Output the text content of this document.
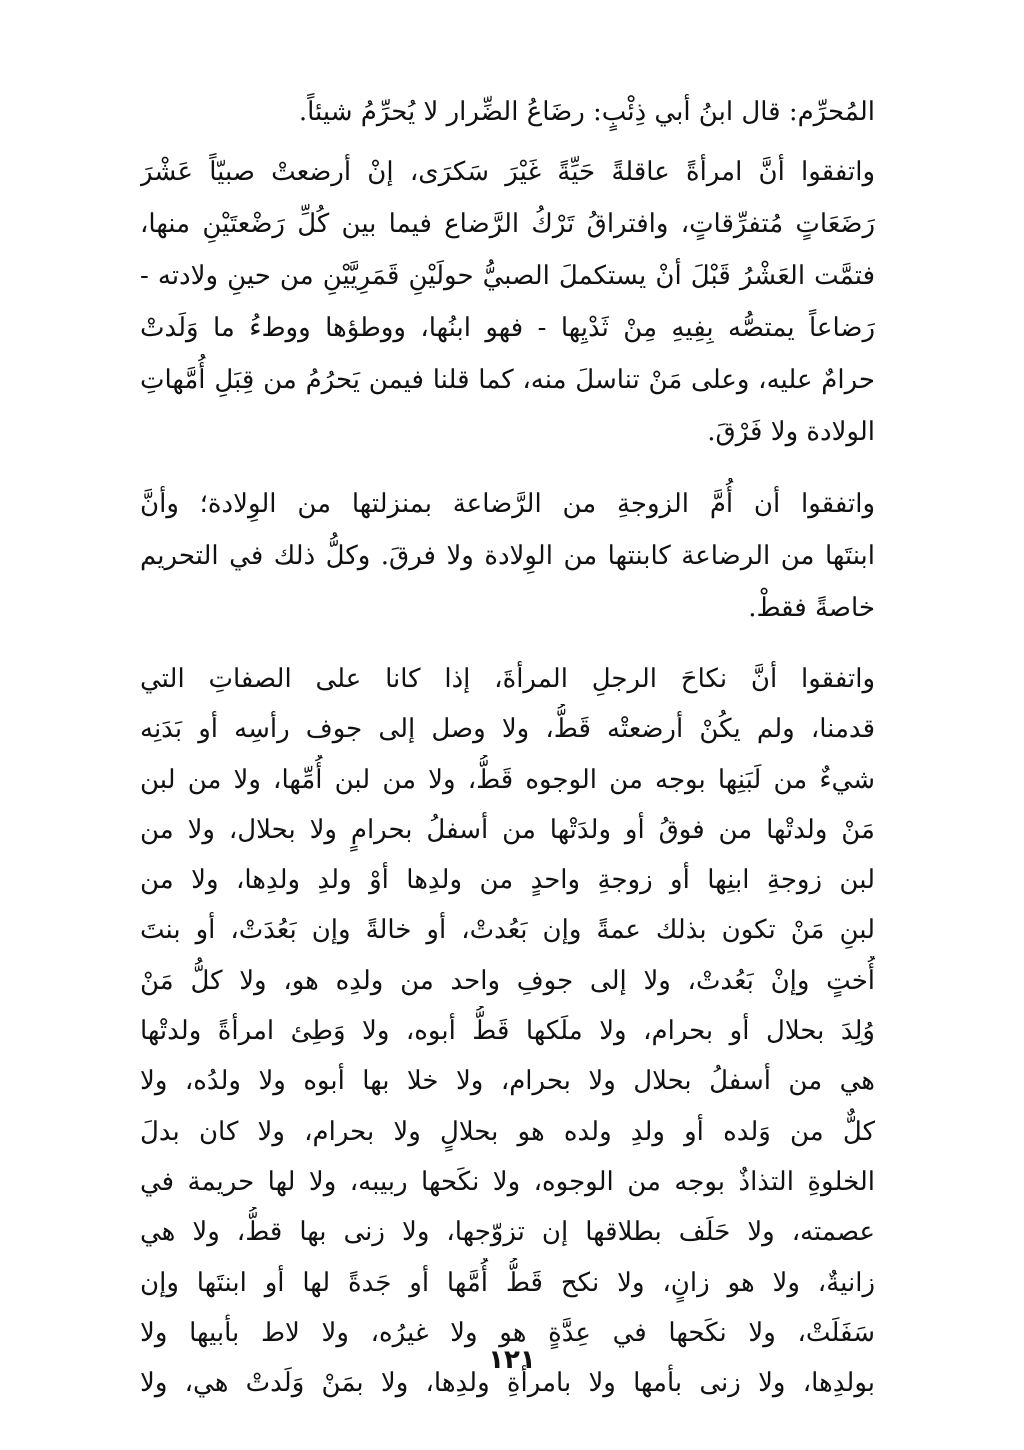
المُحرِّم: قال ابنُ أبي ذِئْبٍ: رضَاعُ الضِّرار لا يُحرِّمُ شيئاً.
واتفقوا أنَّ امرأةً عاقلةً حَيِّةً غَيْرَ سَكرَى، إنْ أرضعتْ صبيّاً عَشْرَ
رَضَعَاتٍ مُتفرِّقاتٍ، وافتراقُ تَرْكُ الرَّضاع فيما بين كُلِّ رَضْعتَيْنِ منها،
فتمَّت العَشْرُ قَبْلَ أنْ يستكملَ الصبيُّ حولَيْنِ قَمَرِيَّيْنِ من حينِ ولادته -
رَضاعاً يمتصُّه بِفِيهِ مِنْ ثَدْيِها - فهو ابنُها، ووطؤها ووطءُ ما وَلَدتْ
حرامٌ عليه، وعلى مَنْ تناسلَ منه، كما قلنا فيمن يَحرُمُ من قِبَلِ أُمَّهاتِ
الولادة ولا فَرْقَ.
واتفقوا أن أُمَّ الزوجةِ من الرَّضاعة بمنزلتها من الوِلادة؛ وأنَّ
ابنتَها من الرضاعة كابنتها من الوِلادة ولا فرقَ. وكلُّ ذلك في التحريم
خاصةً فقطْ.
واتفقوا أنَّ نكاحَ الرجلِ المرأةَ، إذا كانا على الصفاتِ التي
قدمنا، ولم يكُنْ أرضعتْه قَطُّ، ولا وصل إلى جوف رأسِه أو بَدَنِه
شيءٌ من لَبَنِها بوجه من الوجوه قَطُّ، ولا من لبن أُمِّها، ولا من لبن
مَنْ ولدتْها من فوقُ أو ولدَتْها من أسفلُ بحرامٍ ولا بحلال، ولا من
لبن زوجةِ ابنِها أو زوجةِ واحدٍ من ولدِها أوْ ولدِ ولدِها، ولا من
لبنِ مَنْ تكون بذلك عمةً وإن بَعُدتْ، أو خالةً وإن بَعُدَتْ، أو بنتَ
أُختٍ وإنْ بَعُدتْ، ولا إلى جوفِ واحد من ولدِه هو، ولا كلُّ مَنْ
وُلِدَ بحلال أو بحرام، ولا ملَكها قَطُّ أبوه، ولا وَطِئ امرأةً ولدتْها
هي من أسفلُ بحلال ولا بحرام، ولا خلا بها أبوه ولا ولدُه، ولا
كلٌّ من وَلده أو ولدِ ولده هو بحلالٍ ولا بحرام، ولا كان بدلَ
الخلوةِ التذاذٌ بوجه من الوجوه، ولا نكَحها ربيبه، ولا لها حريمة في
عصمته، ولا حَلَف بطلاقها إن تزوّجها، ولا زنى بها قطُّ، ولا هي
زانيةٌ، ولا هو زانٍ، ولا نكح قَطُّ أُمَّها أو جَدةً لها أو ابنتَها وإن
سَفَلَتْ، ولا نكَحها في عِدَّةٍ هو ولا غيرُه، ولا لاط بأبيها ولا
بولدِها، ولا زنى بأمها ولا بامرأةِ ولدِها، ولا بمَنْ وَلَدتْ هي، ولا
١٢١
